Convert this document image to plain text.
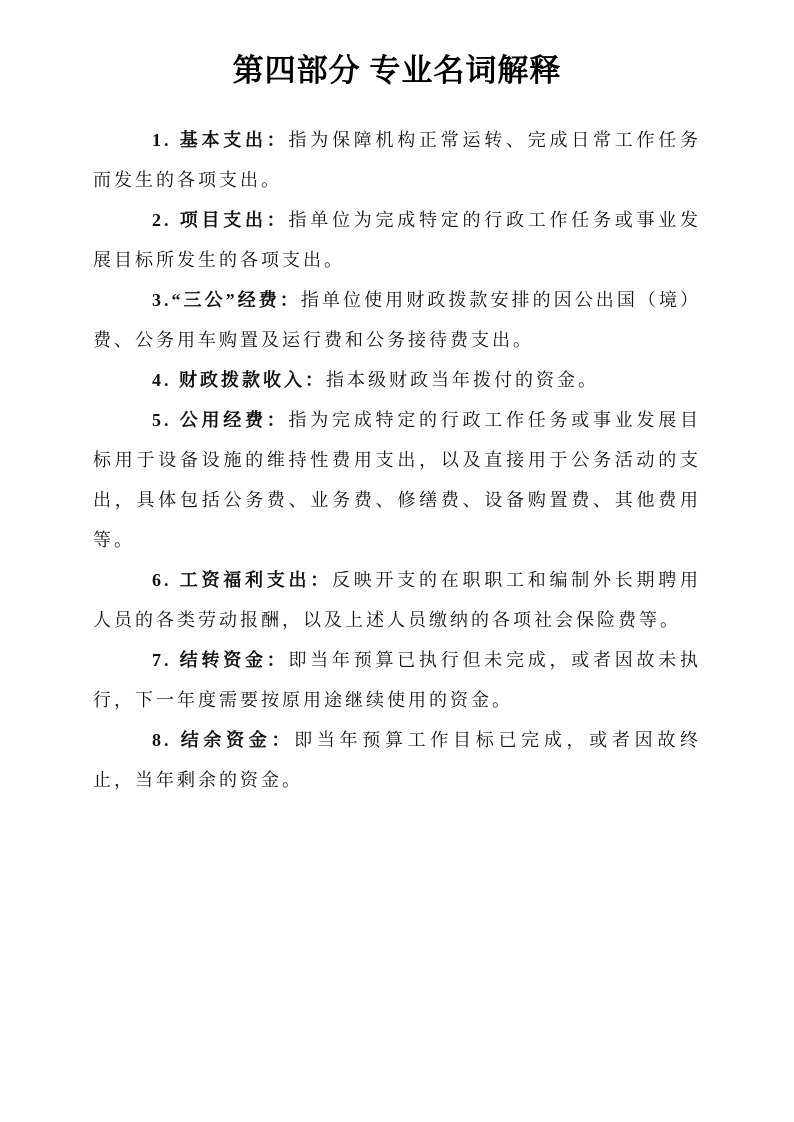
第四部分 专业名词解释

1. 基本支出：指为保障机构正常运转、完成日常工作任务而发生的各项支出。

2. 项目支出：指单位为完成特定的行政工作任务或事业发展目标所发生的各项支出。

3.“三公”经费：指单位使用财政拨款安排的因公出国（境）费、公务用车购置及运行费和公务接待费支出。

4. 财政拨款收入：指本级财政当年拨付的资金。

5. 公用经费：指为完成特定的行政工作任务或事业发展目标用于设备设施的维持性费用支出，以及直接用于公务活动的支出，具体包括公务费、业务费、修缮费、设备购置费、其他费用等。

6. 工资福利支出：反映开支的在职职工和编制外长期聘用人员的各类劳动报酬，以及上述人员缴纳的各项社会保险费等。

7. 结转资金：即当年预算已执行但未完成，或者因故未执行，下一年度需要按原用途继续使用的资金。

8. 结余资金：即当年预算工作目标已完成，或者因故终止，当年剩余的资金。
